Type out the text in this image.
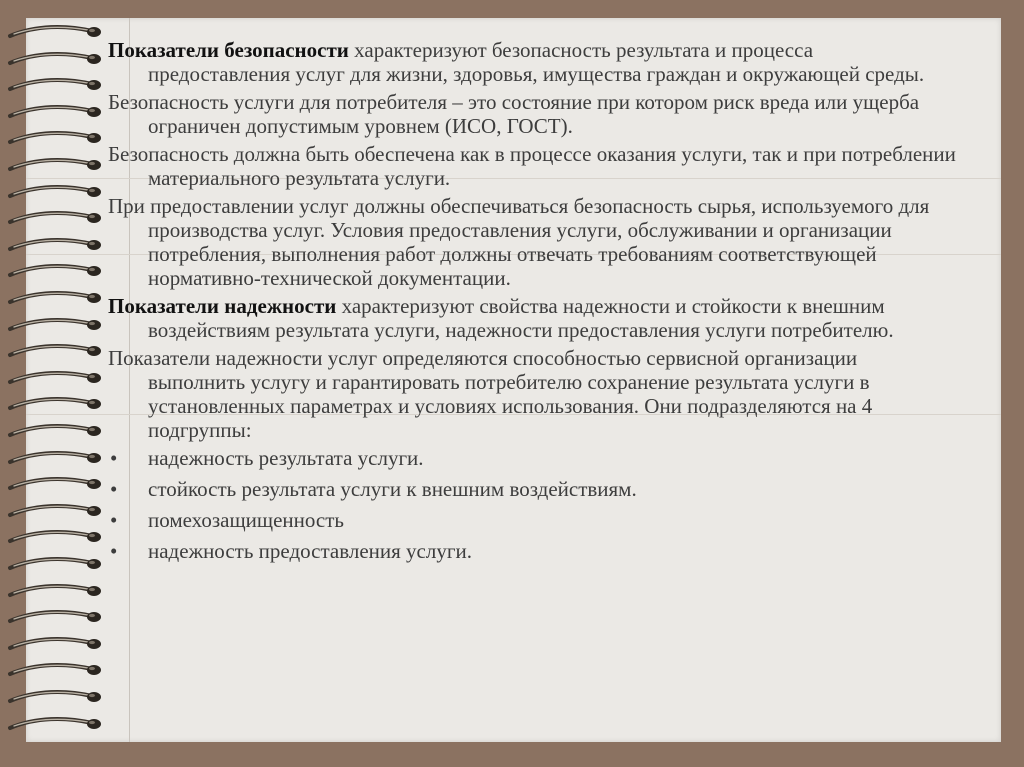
Показатели безопасности характеризуют безопасность результата и процесса предоставления услуг для жизни, здоровья, имущества граждан и окружающей среды.
Безопасность услуги для потребителя – это состояние при котором риск вреда или ущерба ограничен допустимым уровнем (ИСО, ГОСТ).
Безопасность должна быть обеспечена как в процессе оказания услуги, так и при потреблении материального результата услуги.
При предоставлении услуг должны обеспечиваться безопасность сырья, используемого для производства услуг. Условия предоставления услуги, обслуживании и организации потребления, выполнения работ должны отвечать требованиям соответствующей нормативно-технической документации.
Показатели надежности характеризуют свойства надежности и стойкости к внешним воздействиям результата услуги, надежности предоставления услуги потребителю.
Показатели надежности услуг определяются способностью сервисной организации выполнить услугу и гарантировать потребителю сохранение результата услуги в установленных параметрах и условиях использования. Они подразделяются на 4 подгруппы:
• надежность результата услуги.
• стойкость результата услуги к внешним воздействиям.
• помехозащищенность
• надежность предоставления услуги.
